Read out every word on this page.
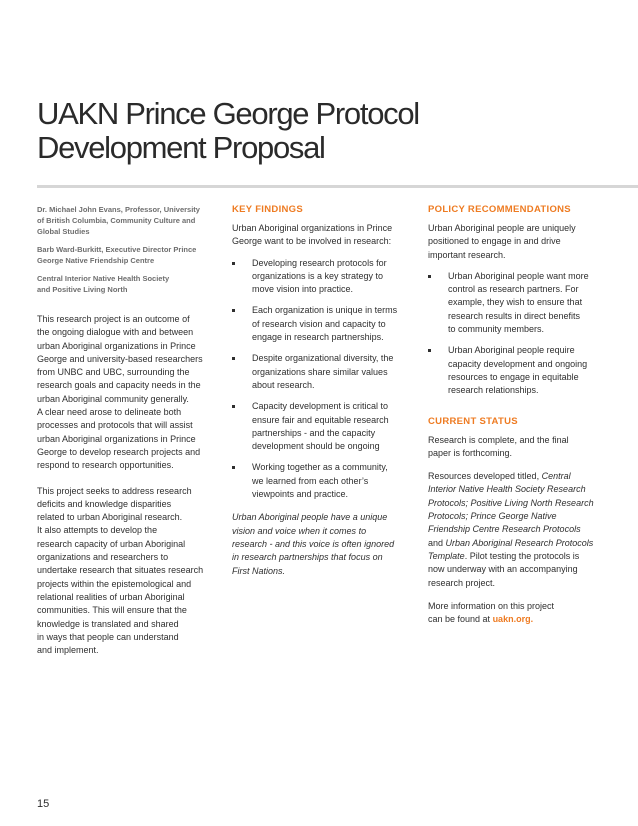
UAKN Prince George Protocol
Development Proposal

Dr. Michael John Evans, Professor, University
of British Columbia, Community Culture and
Global Studies

Barb Ward-Burkitt, Executive Director Prince
George Native Friendship Centre

Central Interior Native Health Society
and Positive Living North

This research project is an outcome of
the ongoing dialogue with and between
urban Aboriginal organizations in Prince
George and university-based researchers
from UNBC and UBC, surrounding the
research goals and capacity needs in the
urban Aboriginal community generally.
A clear need arose to delineate both
processes and protocols that will assist
urban Aboriginal organizations in Prince
George to develop research projects and
respond to research opportunities.

This project seeks to address research
deficits and knowledge disparities
related to urban Aboriginal research.
It also attempts to develop the
research capacity of urban Aboriginal
organizations and researchers to
undertake research that situates research
projects within the epistemological and
relational realities of urban Aboriginal
communities. This will ensure that the
knowledge is translated and shared
in ways that people can understand
and implement.

KEY FINDINGS

Urban Aboriginal organizations in Prince
George want to be involved in research:

Developing research protocols for
organizations is a key strategy to
move vision into practice.
Each organization is unique in terms
of research vision and capacity to
engage in research partnerships.
Despite organizational diversity, the
organizations share similar values
about research.
Capacity development is critical to
ensure fair and equitable research
partnerships - and the capacity
development should be ongoing
Working together as a community,
we learned from each other’s
viewpoints and practice.

Urban Aboriginal people have a unique
vision and voice when it comes to
research - and this voice is often ignored
in research partnerships that focus on
First Nations.

POLICY RECOMMENDATIONS

Urban Aboriginal people are uniquely
positioned to engage in and drive
important research.

Urban Aboriginal people want more
control as research partners. For
example, they wish to ensure that
research results in direct benefits
to community members.
Urban Aboriginal people require
capacity development and ongoing
resources to engage in equitable
research relationships.
CURRENT STATUS

Research is complete, and the final
paper is forthcoming.

Resources developed titled, Central
Interior Native Health Society Research
Protocols; Positive Living North Research
Protocols; Prince George Native
Friendship Centre Research Protocols
and Urban Aboriginal Research Protocols
Template. Pilot testing the protocols is
now underway with an accompanying
research project.

More information on this project
can be found at uakn.org.

15
